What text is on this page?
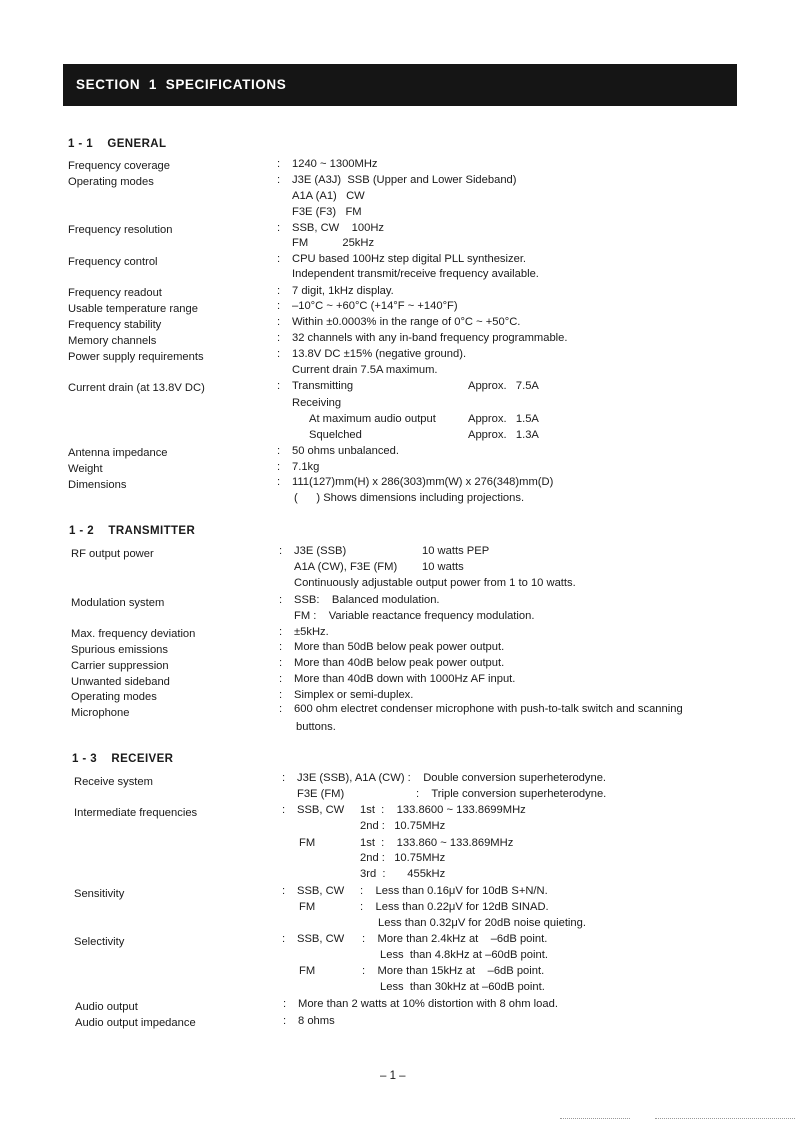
SECTION  1  SPECIFICATIONS
1 - 1    GENERAL
Frequency coverage	: 1240 ~ 1300MHz
Operating modes	: J3E (A3J)  SSB (Upper and Lower Sideband)
A1A (A1)   CW
F3E (F3)   FM
Frequency resolution	: SSB, CW    100Hz
FM           25kHz
Frequency control	: CPU based 100Hz step digital PLL synthesizer.
Independent transmit/receive frequency available.
Frequency readout	: 7 digit, 1kHz display.
Usable temperature range	: –10°C ~ +60°C (+14°F ~ +140°F)
Frequency stability	: Within ±0.0003% in the range of 0°C ~ +50°C.
Memory channels	: 32 channels with any in-band frequency programmable.
Power supply requirements	: 13.8V DC ±15% (negative ground).
Current drain 7.5A maximum.
Current drain (at 13.8V DC)	: Transmitting	Approx.   7.5A
Receiving
At maximum audio output	Approx.   1.5A
Squelched	Approx.   1.3A
Antenna impedance	: 50 ohms unbalanced.
Weight	: 7.1kg
Dimensions	: 111(127)mm(H) x 286(303)mm(W) x 276(348)mm(D)
(      ) Shows dimensions including projections.
1 - 2    TRANSMITTER
RF output power	: J3E (SSB)	10 watts PEP
A1A (CW), F3E (FM) 10 watts
Continuously adjustable output power from 1 to 10 watts.
Modulation system	: SSB:    Balanced modulation.
FM :    Variable reactance frequency modulation.
Max. frequency deviation	: ±5kHz.
Spurious emissions	: More than 50dB below peak power output.
Carrier suppression	: More than 40dB below peak power output.
Unwanted sideband	: More than 40dB down with 1000Hz AF input.
Operating modes	: Simplex or semi-duplex.
Microphone	: 600 ohm electret condenser microphone with push-to-talk switch and scanning
buttons.
1 - 3    RECEIVER
Receive system	: J3E (SSB), A1A (CW) :    Double conversion superheterodyne.
F3E (FM)	:    Triple conversion superheterodyne.
Intermediate frequencies	: SSB, CW 1st  :    133.8600 ~ 133.8699MHz
2nd :   10.75MHz
FM	1st  :    133.860 ~ 133.869MHz
2nd :   10.75MHz
3rd  :       455kHz
Sensitivity	: SSB, CW :    Less than 0.16μV for 10dB S+N/N.
FM	:    Less than 0.22μV for 12dB SINAD.
Less than 0.32μV for 20dB noise quieting.
Selectivity	: SSB, CW :    More than 2.4kHz at    –6dB point.
Less  than 4.8kHz at –60dB point.
FM	:    More than 15kHz at    –6dB point.
Less  than 30kHz at –60dB point.
Audio output	: More than 2 watts at 10% distortion with 8 ohm load.
Audio output impedance	: 8 ohms
– 1 –
